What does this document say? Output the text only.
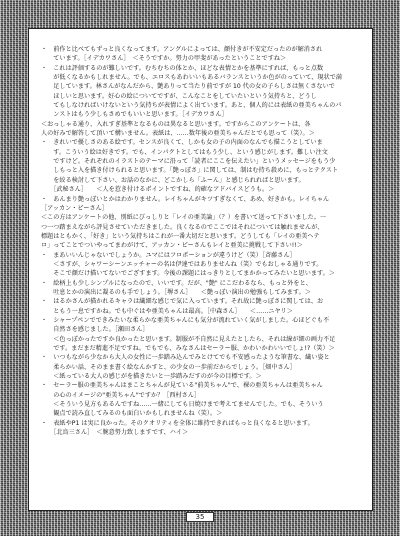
・　前作と比べてもずっと良くなってます。アングルによっては、顔付きが不安定だったのが解消され
　　ています。［イデカワさん］　＜そうですか。努力の甲斐があったということですね＞
・　これは評価するのが難しいです。むちむちの体とか、ほどな表情とかを基準にすれば、もっと点数
　　が低くなるかもしれません。でも、エロスもあわいいもあるバランスというか色がのっていて、現状で満
　　足しています。林さんがなんだから、艶ありって当たり前ですが 10 代の女の子らしさは無くさないで
　　ほしいと思います。好心の絵についてですが、こんなことをしていたいという気持ちと、どうし
　　てもしなければいけないという気持ちが表情によく出ています。あと、個人的には表紙の亜美ちゃんのパ
　　ンストはもう少しもさめでもいいと思います。［イデカワさん］
＜おっしゃる通り、入れすぎ基準となるものは異なると思います。ですからこのアンケートは、各
人の好みで解答して頂いて構いません。表紙は、……数年後の亜美ちゃんだとでも思って（笑）。＞
・　きれいで優しさのある絵です。センスが良くて、しかも女の子の内面のなんでも描こうとしていま
　　す。こういう絵は好きです。でも、インパクトとしてはもう少し、という感じがします。難しい注文
　　ですけど。それぞれのイラストのテーマに沿って「読者にここを伝えたい」というメッセージをもう少
　　しもっと入を描き付けられると思います。「艶っぽさ」に関しては、制はむ持ち殺めに、もっとテクスト
　　を絞る検討して下さい、お話のなかに、どこかしら「ふーん」と感じられればと思います。
　　［武秘さん］　　＜人を惹き付けるポイントですね、的確なアドバイスどうも。＞
・　あんまり艶っぽいとかはわかりません。レイちゃんがキツすぎなくて、あめ、好きかも。レイちゃん
［アッカン・ピーさん］
＜この方はアンケートの他、別紙にびっしりと「レイの亜美論」（？）を書いて送って下さいました。一
つ一つ踏まえながら評見させていただきました。良くなるのでここではそれについては触れませんが、
標題はともかく、「好き」という気持ちはこれが一番大切だと思います。どうしても「レイの亜美ヘテ
ロ」ってことでついやってまわがけて、アッカン・ピーさんもレイと亜美に挑戦して下さい!!＞
・　まあいいんじゃないでしょうか。ユマにはフロポーションが違うけど（笑）［斉藤さん］
　　＜さすが、シャワーシーンエッチャーの名は伊達ではありませんね（笑）でもおしゃる通りです。
　　そこで顔だけ描いてないでござすます。今後の課題にはっきりとしてまかかってみたいと思います。＞
・　絵柄上も少しシンプルになったので、いいです。だが、"艶" にこだわるなら、もっと外をと、
　　吐息とかの演出に凝るのも手でしょう。［堺さん］　　＜艶っぽい演出の勉強もしてみます。＞
・　はるかさんが描かれるキャラは繊細な感じで気に入っています。それ故に艶っぽさに関しては、お
　　ともう一息ですかね。でも中ぐはや亜美ちゃんは最高。［中森さん］　　＜……ニヤリ＞
・　シャープペンでできみたいな柔らかな亜美ちゃんにも気分が流れていく気がしました。心ほどぐも不
　　自然さを感じました。［瀬田さん］
　　＜色っぽかったですか良かったと思います。制服が不自然に見えたとしたら、それは線が細の画力不足
　　です。まだまだ精進不足ですね。でもでも、みなさんはセーラー服、かわいかわいいでしょ!?（笑）＞
・　いつもながら少なから大人の女性に一歩踏み込んでみとけてでも不安感ったような筆書な、繊い姿と
　　柔らかい話、そのまま書く絵なんかすと、の少女の一歩前だからでしょう。［畑中さん］
　　＜紙っている大人の感じがを描きたいと一歩踏みだすのが今の目標です。＞
・　セーラー服の亜美ちゃんはまことちゃんが見ている"前美ちゃん"で、裸の亜美ちゃんは亜美ちゃん
　　の心のイメージの"亜美ちゃん"ですか？［西村さん］
　　＜そういう見方もあるんですね……一緒にしても日焼けまで考えてませんでした。でも、そういう
　　観点で読み直してみるのも面白いかもしれませんね（笑）。＞
・　表紙やP1 は実に良かった。そのクオリティを全体に維持できればもっと良くなると思います。
　　［北鳥三さん］　＜腕意努力致しますです、ハイ＞
35
